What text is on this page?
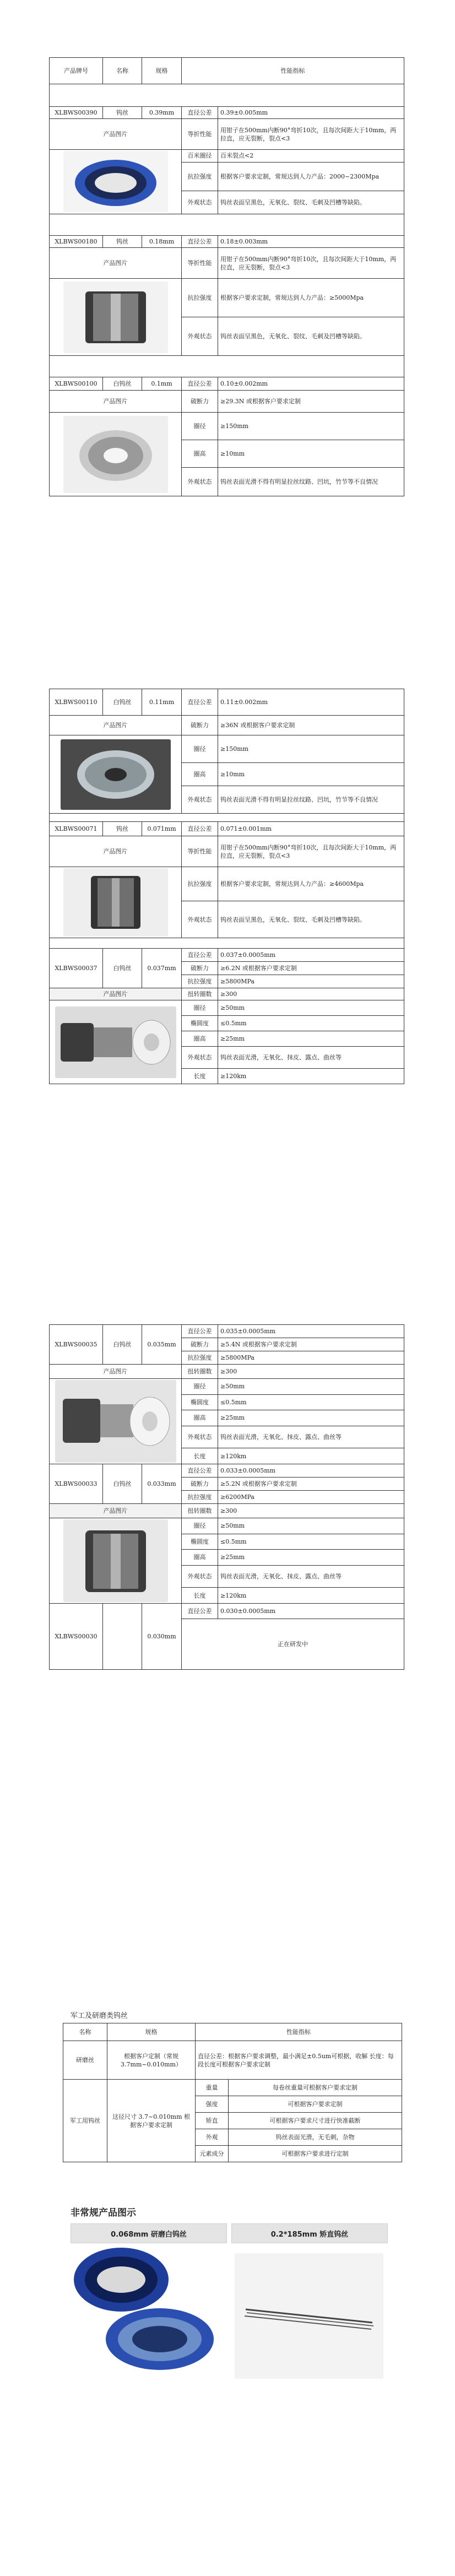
产品牌号	名称	规格	性能指标	

XLBWS00390	钨丝	0.39mm	直径公差	0.39±0.005mm
产品图片			等折性能	用钳子在500mm内断90°弯折10次，且每次间距大于10mm，两拉直，应无裂断，裂点<3

	百米圈径	百米裂点<2
			抗拉强度	根据客户要求定制，常规达到人力产品：2000~2300Mpa
			外观状态	钨丝表面呈黑色，无氧化、裂纹、毛刺及凹槽等缺陷。

XLBWS00180	钨丝	0.18mm	直径公差	0.18±0.003mm
产品图片			等折性能	用钳子在500mm内断90°弯折10次，且每次间距大于10mm，两拉直，应无裂断，裂点<3

	抗拉强度	根据客户要求定制，常规达到人力产品：≥5000Mpa
			外观状态	钨丝表面呈黑色，无氧化、裂纹、毛刺及凹槽等缺陷。

XLBWS00100	白钨丝	0.1mm	直径公差	0.10±0.002mm
产品图片			破断力	≥29.3N 或根据客户要求定制

	圈径	≥150mm
			圈高	≥10mm
			外观状态	钨丝表面光滑不得有明显拉丝纹路、凹坑，竹节等不良情况
XLBWS00110	白钨丝	0.11mm	直径公差	0.11±0.002mm
产品图片			破断力	≥36N 或根据客户要求定制

	圈径	≥150mm
			圈高	≥10mm
			外观状态	钨丝表面光滑不得有明显拉丝纹路、凹坑，竹节等不良情况

XLBWS00071	钨丝	0.071mm	直径公差	0.071±0.001mm
产品图片			等折性能	用钳子在500mm内断90°弯折10次，且每次间距大于10mm，两拉直，应无裂断，裂点<3

	抗拉强度	根据客户要求定制，常规达到人力产品：≥4600Mpa
			外观状态	钨丝表面呈黑色，无氧化、裂纹、毛刺及凹槽等缺陷。

XLBWS00037	白钨丝	0.037mm	直径公差	0.037±0.0005mm
			破断力	≥6.2N 或根据客户要求定制
			抗拉强度	≥5800MPa
产品图片			扭转圈数	≥300

	圈径	≥50mm
			椭圆度	≤0.5mm
			圈高	≥25mm
			外观状态	钨丝表面光滑，无氧化、抹皮、露点、曲丝等
			长度	≥120km
XLBWS00035	白钨丝	0.035mm	直径公差	0.035±0.0005mm
			破断力	≥5.4N 或根据客户要求定制
			抗拉强度	≥5800MPa
产品图片			扭转圈数	≥300

	圈径	≥50mm
			椭圆度	≤0.5mm
			圈高	≥25mm
			外观状态	钨丝表面光滑，无氧化、抹皮、露点、曲丝等
			长度	≥120km
XLBWS00033	白钨丝	0.033mm	直径公差	0.033±0.0005mm
			破断力	≥5.2N 或根据客户要求定制
			抗拉强度	≥6200MPa
产品图片			扭转圈数	≥300

	圈径	≥50mm
			椭圆度	≤0.5mm
			圈高	≥25mm
			外观状态	钨丝表面光滑，无氧化、抹皮、露点、曲丝等
			长度	≥120km
XLBWS00030		0.030mm	直径公差	0.030±0.0005mm
			正在研发中	
军工及研磨类钨丝
名称	规格	性能指标	
研磨丝	根据客户定制（常规3.7mm~0.010mm）	直径公差：根据客户要求调整，最小满足±0.5um可根据，收解 长度：每段长度可根据客户要求定制	
军工用钨丝	这径尺寸 3.7~0.010mm 根据客户要求定制	重量	每卷丝重量可根据客户要求定制
		强度	可根据客户要求定制
		矫直	可根据客户要求尺寸进行快准截断
		外观	钨丝表面光滑，无毛刺，杂物
		元素成分	可根据客户要求进行定制
非常规产品图示
0.068mm 研磨白钨丝	0.2*185mm 矫直钨丝
